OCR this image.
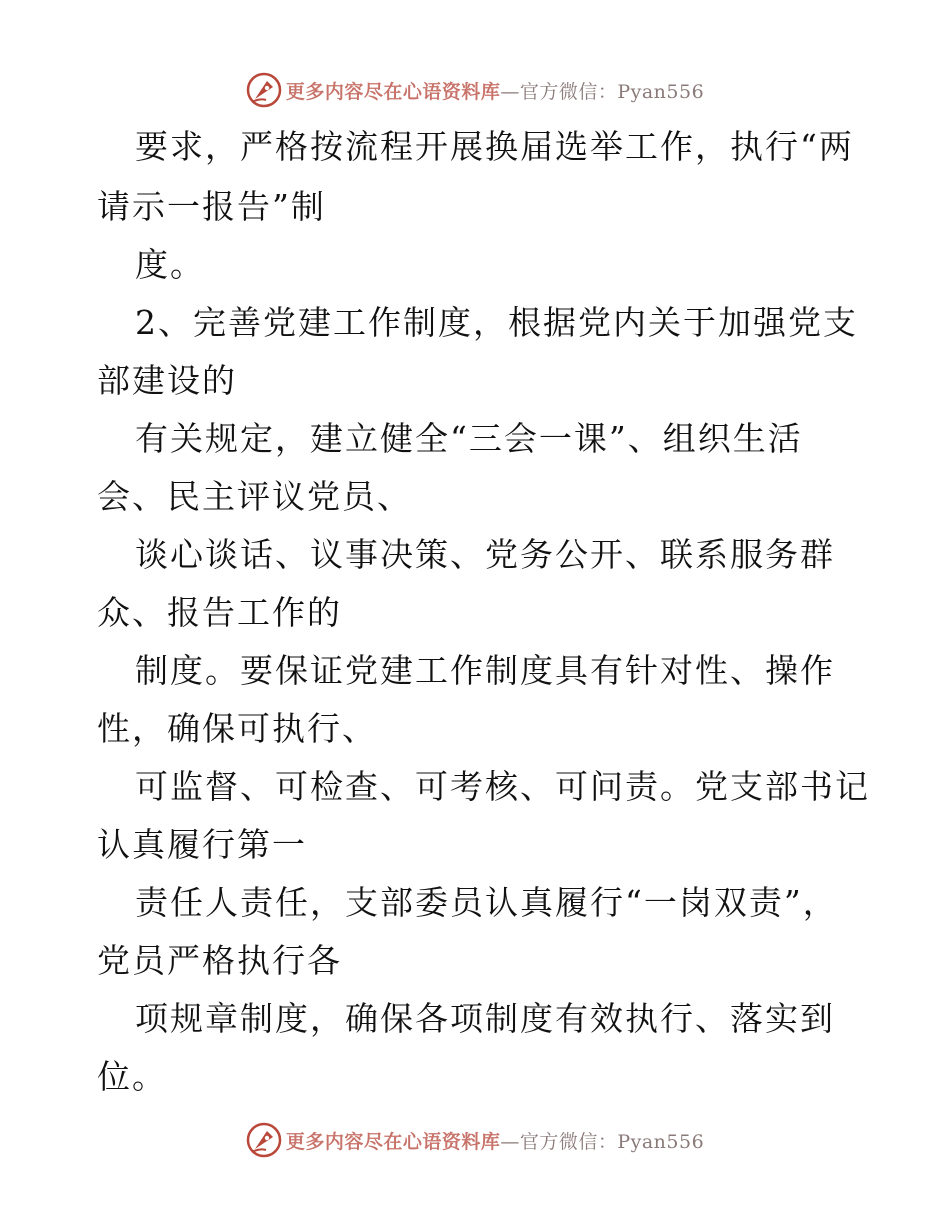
更多内容尽在心语资料库—官方微信：Pyan556
要求，严格按流程开展换届选举工作，执行“两
请示一报告”制
度。
2、完善党建工作制度，根据党内关于加强党支
部建设的
有关规定，建立健全“三会一课”、组织生活
会、民主评议党员、
谈心谈话、议事决策、党务公开、联系服务群
众、报告工作的
制度。要保证党建工作制度具有针对性、操作
性，确保可执行、
可监督、可检查、可考核、可问责。党支部书记
认真履行第一
责任人责任，支部委员认真履行“一岗双责”，
党员严格执行各
项规章制度，确保各项制度有效执行、落实到
位。
更多内容尽在心语资料库—官方微信：Pyan556
